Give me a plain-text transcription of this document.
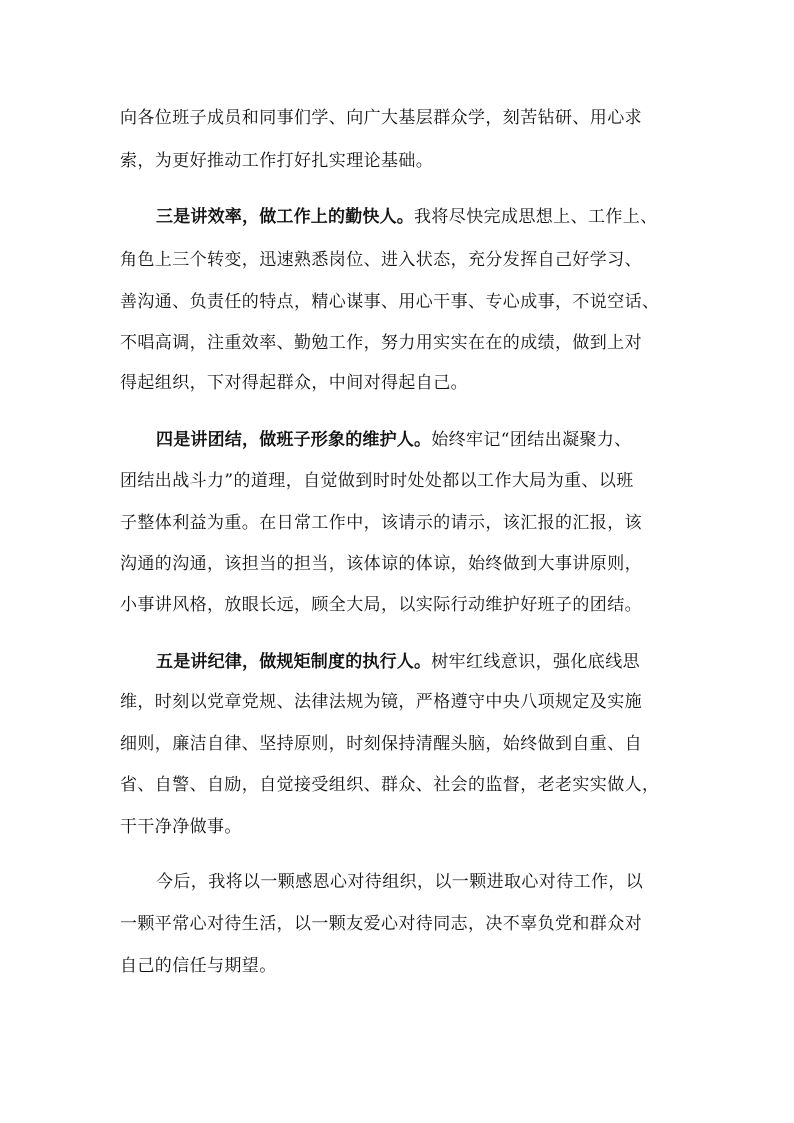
向各位班子成员和同事们学、向广大基层群众学，刻苦钻研、用心求
索，为更好推动工作打好扎实理论基础。
三是讲效率，做工作上的勤快人。我将尽快完成思想上、工作上、
角色上三个转变，迅速熟悉岗位、进入状态，充分发挥自己好学习、
善沟通、负责任的特点，精心谋事、用心干事、专心成事，不说空话、
不唱高调，注重效率、勤勉工作，努力用实实在在的成绩，做到上对
得起组织，下对得起群众，中间对得起自己。
四是讲团结，做班子形象的维护人。始终牢记“团结出凝聚力、
团结出战斗力”的道理，自觉做到时时处处都以工作大局为重、以班
子整体利益为重。在日常工作中，该请示的请示，该汇报的汇报，该
沟通的沟通，该担当的担当，该体谅的体谅，始终做到大事讲原则，
小事讲风格，放眼长远，顾全大局，以实际行动维护好班子的团结。
五是讲纪律，做规矩制度的执行人。树牢红线意识，强化底线思
维，时刻以党章党规、法律法规为镜，严格遵守中央八项规定及实施
细则，廉洁自律、坚持原则，时刻保持清醒头脑，始终做到自重、自
省、自警、自励，自觉接受组织、群众、社会的监督，老老实实做人，
干干净净做事。
今后，我将以一颗感恩心对待组织，以一颗进取心对待工作，以
一颗平常心对待生活，以一颗友爱心对待同志，决不辜负党和群众对
自己的信任与期望。
